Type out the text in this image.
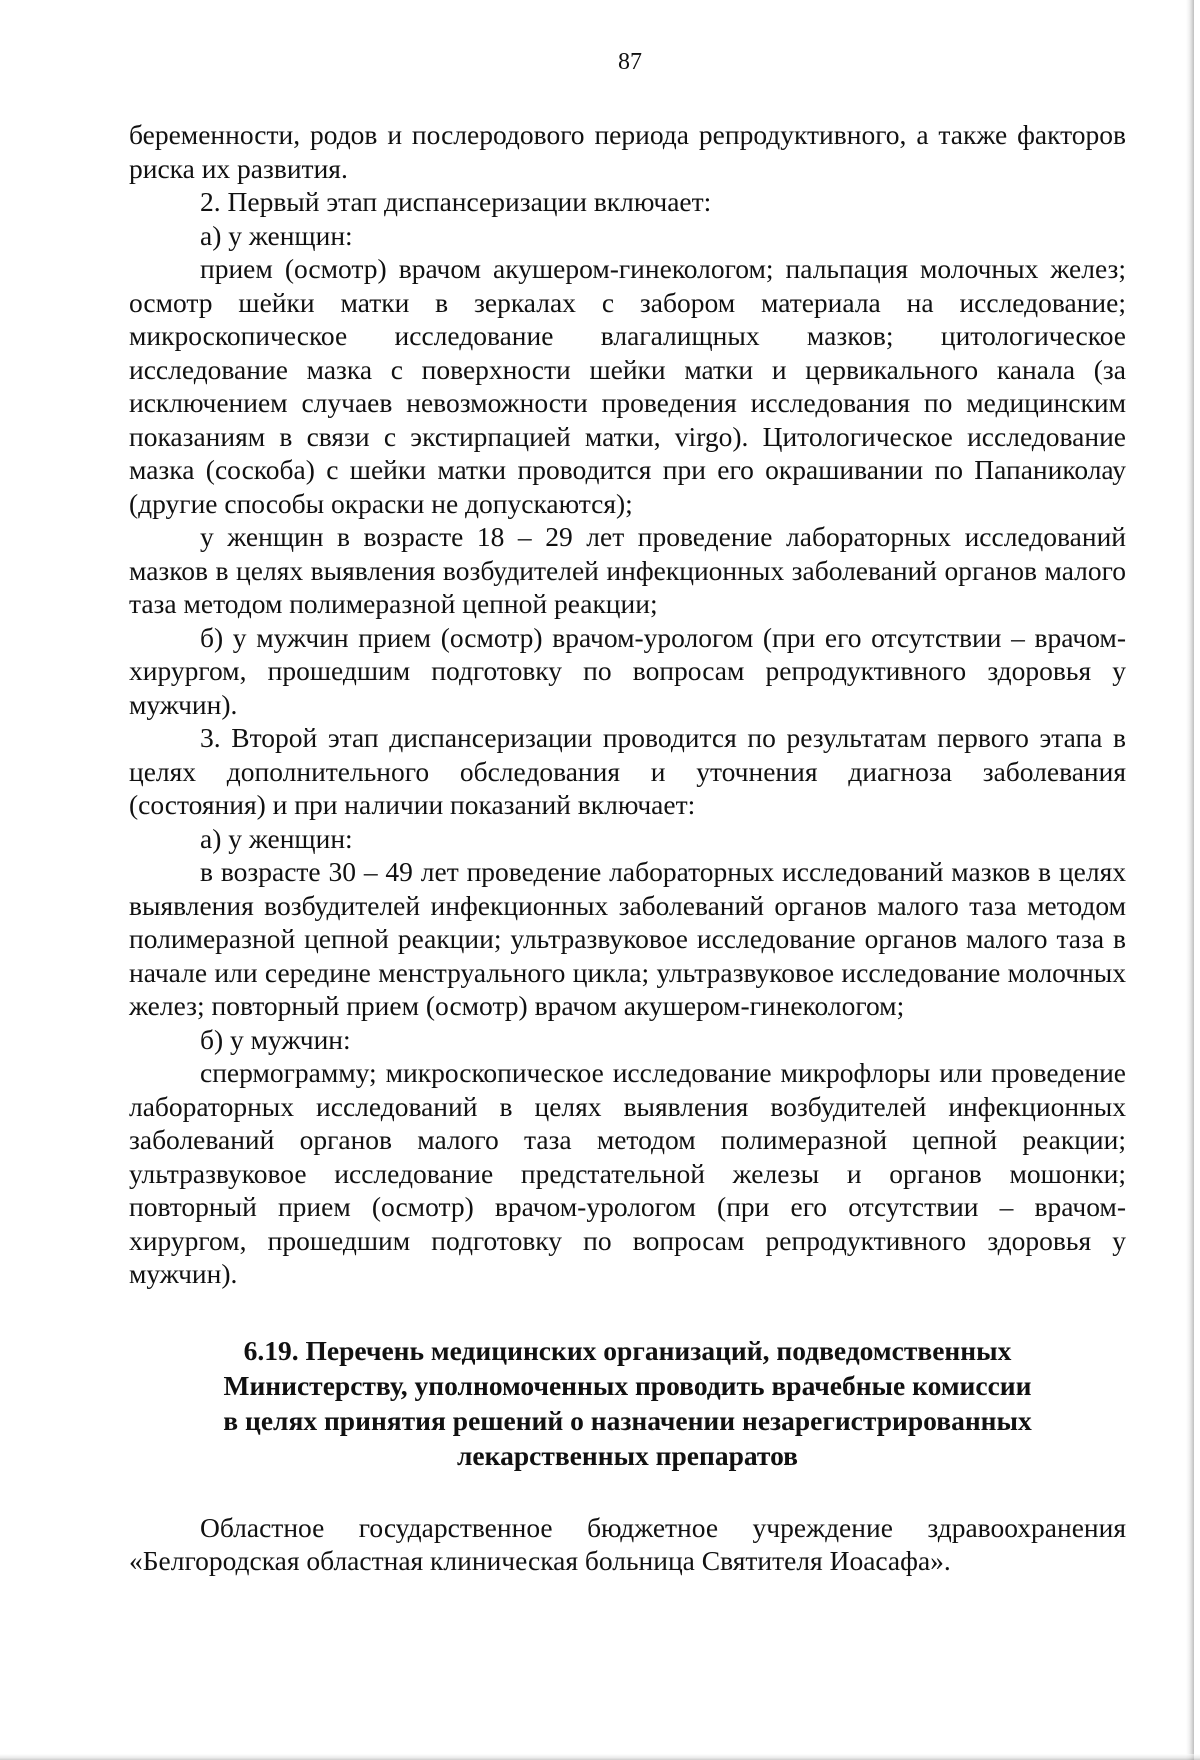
87

беременности, родов и послеродового периода репродуктивного, а также факторов риска их развития.

2. Первый этап диспансеризации включает:

а) у женщин:

прием (осмотр) врачом акушером-гинекологом; пальпация молочных желез; осмотр шейки матки в зеркалах с забором материала на исследование; микроскопическое исследование влагалищных мазков; цитологическое исследование мазка с поверхности шейки матки и цервикального канала (за исключением случаев невозможности проведения исследования по медицинским показаниям в связи с экстирпацией матки, virgo). Цитологическое исследование мазка (соскоба) с шейки матки проводится при его окрашивании по Папаниколау (другие способы окраски не допускаются);

у женщин в возрасте 18 – 29 лет проведение лабораторных исследований мазков в целях выявления возбудителей инфекционных заболеваний органов малого таза методом полимеразной цепной реакции;

б) у мужчин прием (осмотр) врачом-урологом (при его отсутствии – врачом-хирургом, прошедшим подготовку по вопросам репродуктивного здоровья у мужчин).

3. Второй этап диспансеризации проводится по результатам первого этапа в целях дополнительного обследования и уточнения диагноза заболевания (состояния) и при наличии показаний включает:

а) у женщин:

в возрасте 30 – 49 лет проведение лабораторных исследований мазков в целях выявления возбудителей инфекционных заболеваний органов малого таза методом полимеразной цепной реакции; ультразвуковое исследование органов малого таза в начале или середине менструального цикла; ультразвуковое исследование молочных желез; повторный прием (осмотр) врачом акушером-гинекологом;

б) у мужчин:

спермограмму; микроскопическое исследование микрофлоры или проведение лабораторных исследований в целях выявления возбудителей инфекционных заболеваний органов малого таза методом полимеразной цепной реакции; ультразвуковое исследование предстательной железы и органов мошонки; повторный прием (осмотр) врачом-урологом (при его отсутствии – врачом-хирургом, прошедшим подготовку по вопросам репродуктивного здоровья у мужчин).

6.19. Перечень медицинских организаций, подведомственных
Министерству, уполномоченных проводить врачебные комиссии
в целях принятия решений о назначении незарегистрированных
лекарственных препаратов

Областное государственное бюджетное учреждение здравоохранения «Белгородская областная клиническая больница Святителя Иоасафа».
